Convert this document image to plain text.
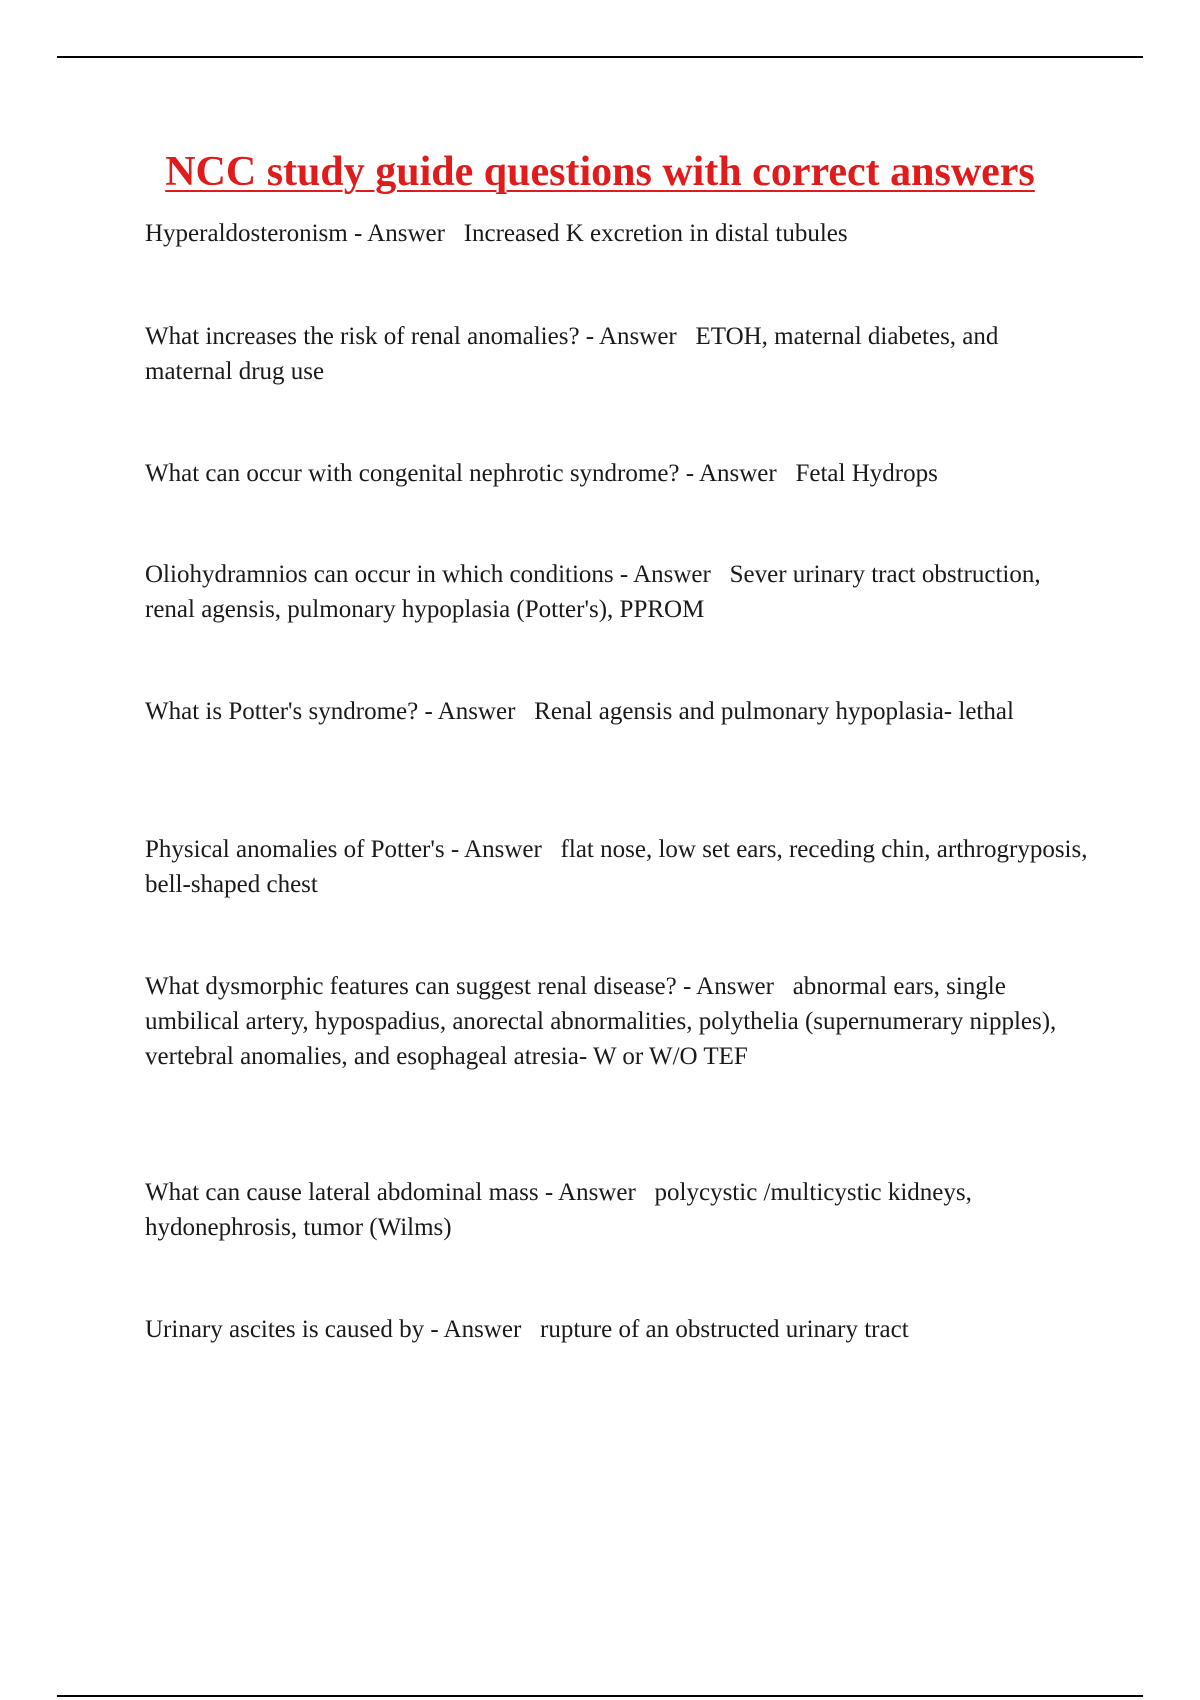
NCC study guide questions with correct answers

Hyperaldosteronism - Answer   Increased K excretion in distal tubules

What increases the risk of renal anomalies? - Answer   ETOH, maternal diabetes, and maternal drug use

What can occur with congenital nephrotic syndrome? - Answer   Fetal Hydrops

Oliohydramnios can occur in which conditions - Answer   Sever urinary tract obstruction, renal agensis, pulmonary hypoplasia (Potter's), PPROM

What is Potter's syndrome? - Answer   Renal agensis and pulmonary hypoplasia- lethal

Physical anomalies of Potter's - Answer   flat nose, low set ears, receding chin, arthrogryposis, bell-shaped chest

What dysmorphic features can suggest renal disease? - Answer   abnormal ears, single umbilical artery, hypospadius, anorectal abnormalities, polythelia (supernumerary nipples), vertebral anomalies, and esophageal atresia- W or W/O TEF

What can cause lateral abdominal mass - Answer   polycystic /multicystic kidneys, hydonephrosis, tumor (Wilms)

Urinary ascites is caused by - Answer   rupture of an obstructed urinary tract
